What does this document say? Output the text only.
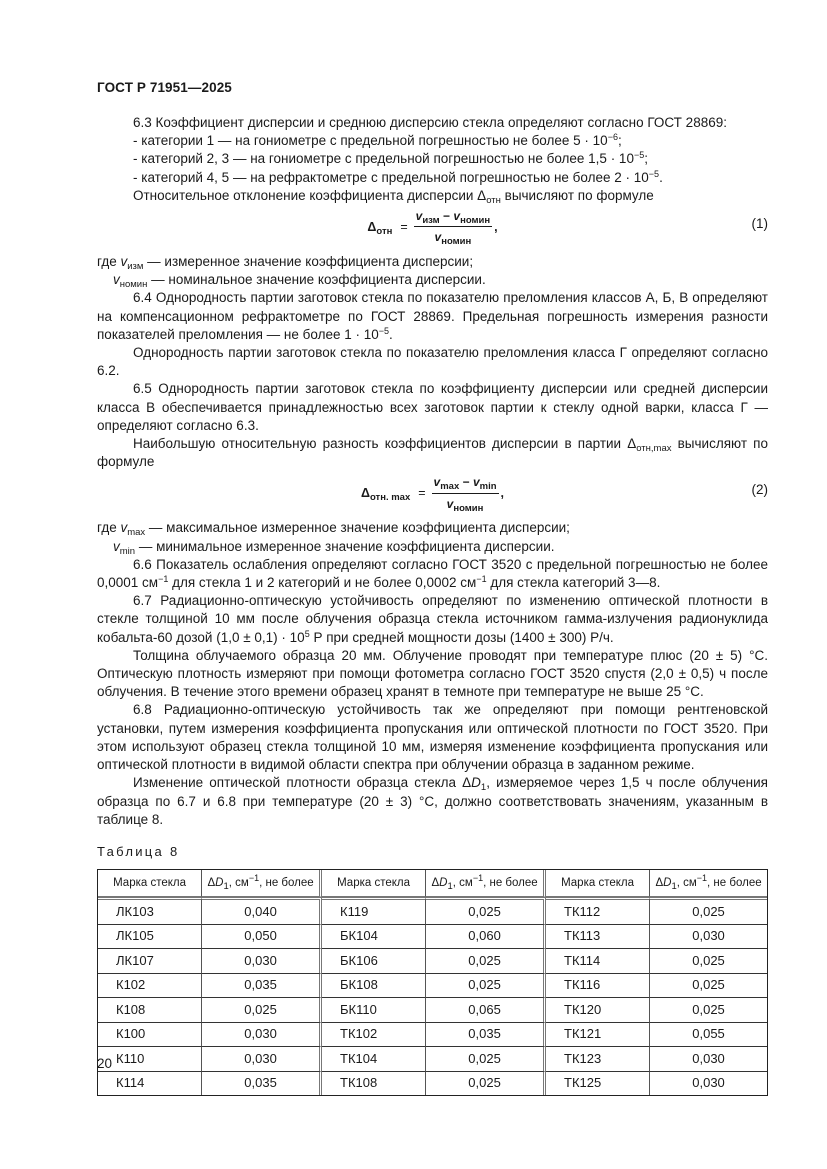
ГОСТ Р 71951—2025

6.3 Коэффициент дисперсии и среднюю дисперсию стекла определяют согласно ГОСТ 28869:

- категории 1 — на гониометре с предельной погрешностью не более $5 \cdot 10^{-6}$;

- категорий 2, 3 — на гониометре с предельной погрешностью не более $1,5 \cdot 10^{-5}$;

- категорий 4, 5 — на рефрактометре с предельной погрешностью не более $2 \cdot 10^{-5}$.

Относительное отклонение коэффициента дисперсии $\Delta_{отн}$ вычисляют по формуле

$\Delta_{отн} = \frac{v_{изм} - v_{номин}}{v_{номин}}$ ,	(1)

где $v_{изм}$ — измеренное значение коэффициента дисперсии;

$v_{номин}$ — номинальное значение коэффициента дисперсии.

6.4 Однородность партии заготовок стекла по показателю преломления классов А, Б, В определяют на компенсационном рефрактометре по ГОСТ 28869. Предельная погрешность измерения разности показателей преломления — не более $1 \cdot 10^{-5}$.

Однородность партии заготовок стекла по показателю преломления класса Г определяют согласно 6.2.

6.5 Однородность партии заготовок стекла по коэффициенту дисперсии или средней дисперсии класса В обеспечивается принадлежностью всех заготовок партии к стеклу одной варки, класса Г — определяют согласно 6.3.

Наибольшую относительную разность коэффициентов дисперсии в партии $\Delta_{отн,max}$ вычисляют по формуле

$\Delta_{отн. max} = \frac{v_{max} - v_{min}}{v_{номин}}$ ,	(2)

где $v_{max}$ — максимальное измеренное значение коэффициента дисперсии;

$v_{min}$ — минимальное измеренное значение коэффициента дисперсии.

6.6 Показатель ослабления определяют согласно ГОСТ 3520 с предельной погрешностью не более 0,0001 $см^{-1}$ для стекла 1 и 2 категорий и не более 0,0002 $см^{-1}$ для стекла категорий 3—8.

6.7 Радиационно-оптическую устойчивость определяют по изменению оптической плотности в стекле толщиной 10 мм после облучения образца стекла источником гамма-излучения радионуклида кобальта-60 дозой $(1,0 \pm 0,1) \cdot 10^5$ Р при средней мощности дозы (1400 ± 300) Р/ч.

Толщина облучаемого образца 20 мм. Облучение проводят при температуре плюс (20 ± 5) °С. Оптическую плотность измеряют при помощи фотометра согласно ГОСТ 3520 спустя (2,0 ± 0,5) ч после облучения. В течение этого времени образец хранят в темноте при температуре не выше 25 °С.

6.8 Радиационно-оптическую устойчивость так же определяют при помощи рентгеновской установки, путем измерения коэффициента пропускания или оптической плотности по ГОСТ 3520. При этом используют образец стекла толщиной 10 мм, измеряя изменение коэффициента пропускания или оптической плотности в видимой области спектра при облучении образца в заданном режиме.

Изменение оптической плотности образца стекла $\Delta D_1$, измеряемое через 1,5 ч после облучения образца по 6.7 и 6.8 при температуре (20 ± 3) °С, должно соответствовать значениям, указанным в таблице 8.

Таблица 8
Марка стекла	$\Delta D_1$, $см^{-1}$, не более	Марка стекла	$\Delta D_1$, $см^{-1}$, не более	Марка стекла	$\Delta D_1$, $см^{-1}$, не более
ЛК103	0,040	К119	0,025	ТК112	0,025
ЛК105	0,050	БК104	0,060	ТК113	0,030
ЛК107	0,030	БК106	0,025	ТК114	0,025
К102	0,035	БК108	0,025	ТК116	0,025
К108	0,025	БК110	0,065	ТК120	0,025
К100	0,030	ТК102	0,035	ТК121	0,055
К110	0,030	ТК104	0,025	ТК123	0,030
К114	0,035	ТК108	0,025	ТК125	0,030
20
